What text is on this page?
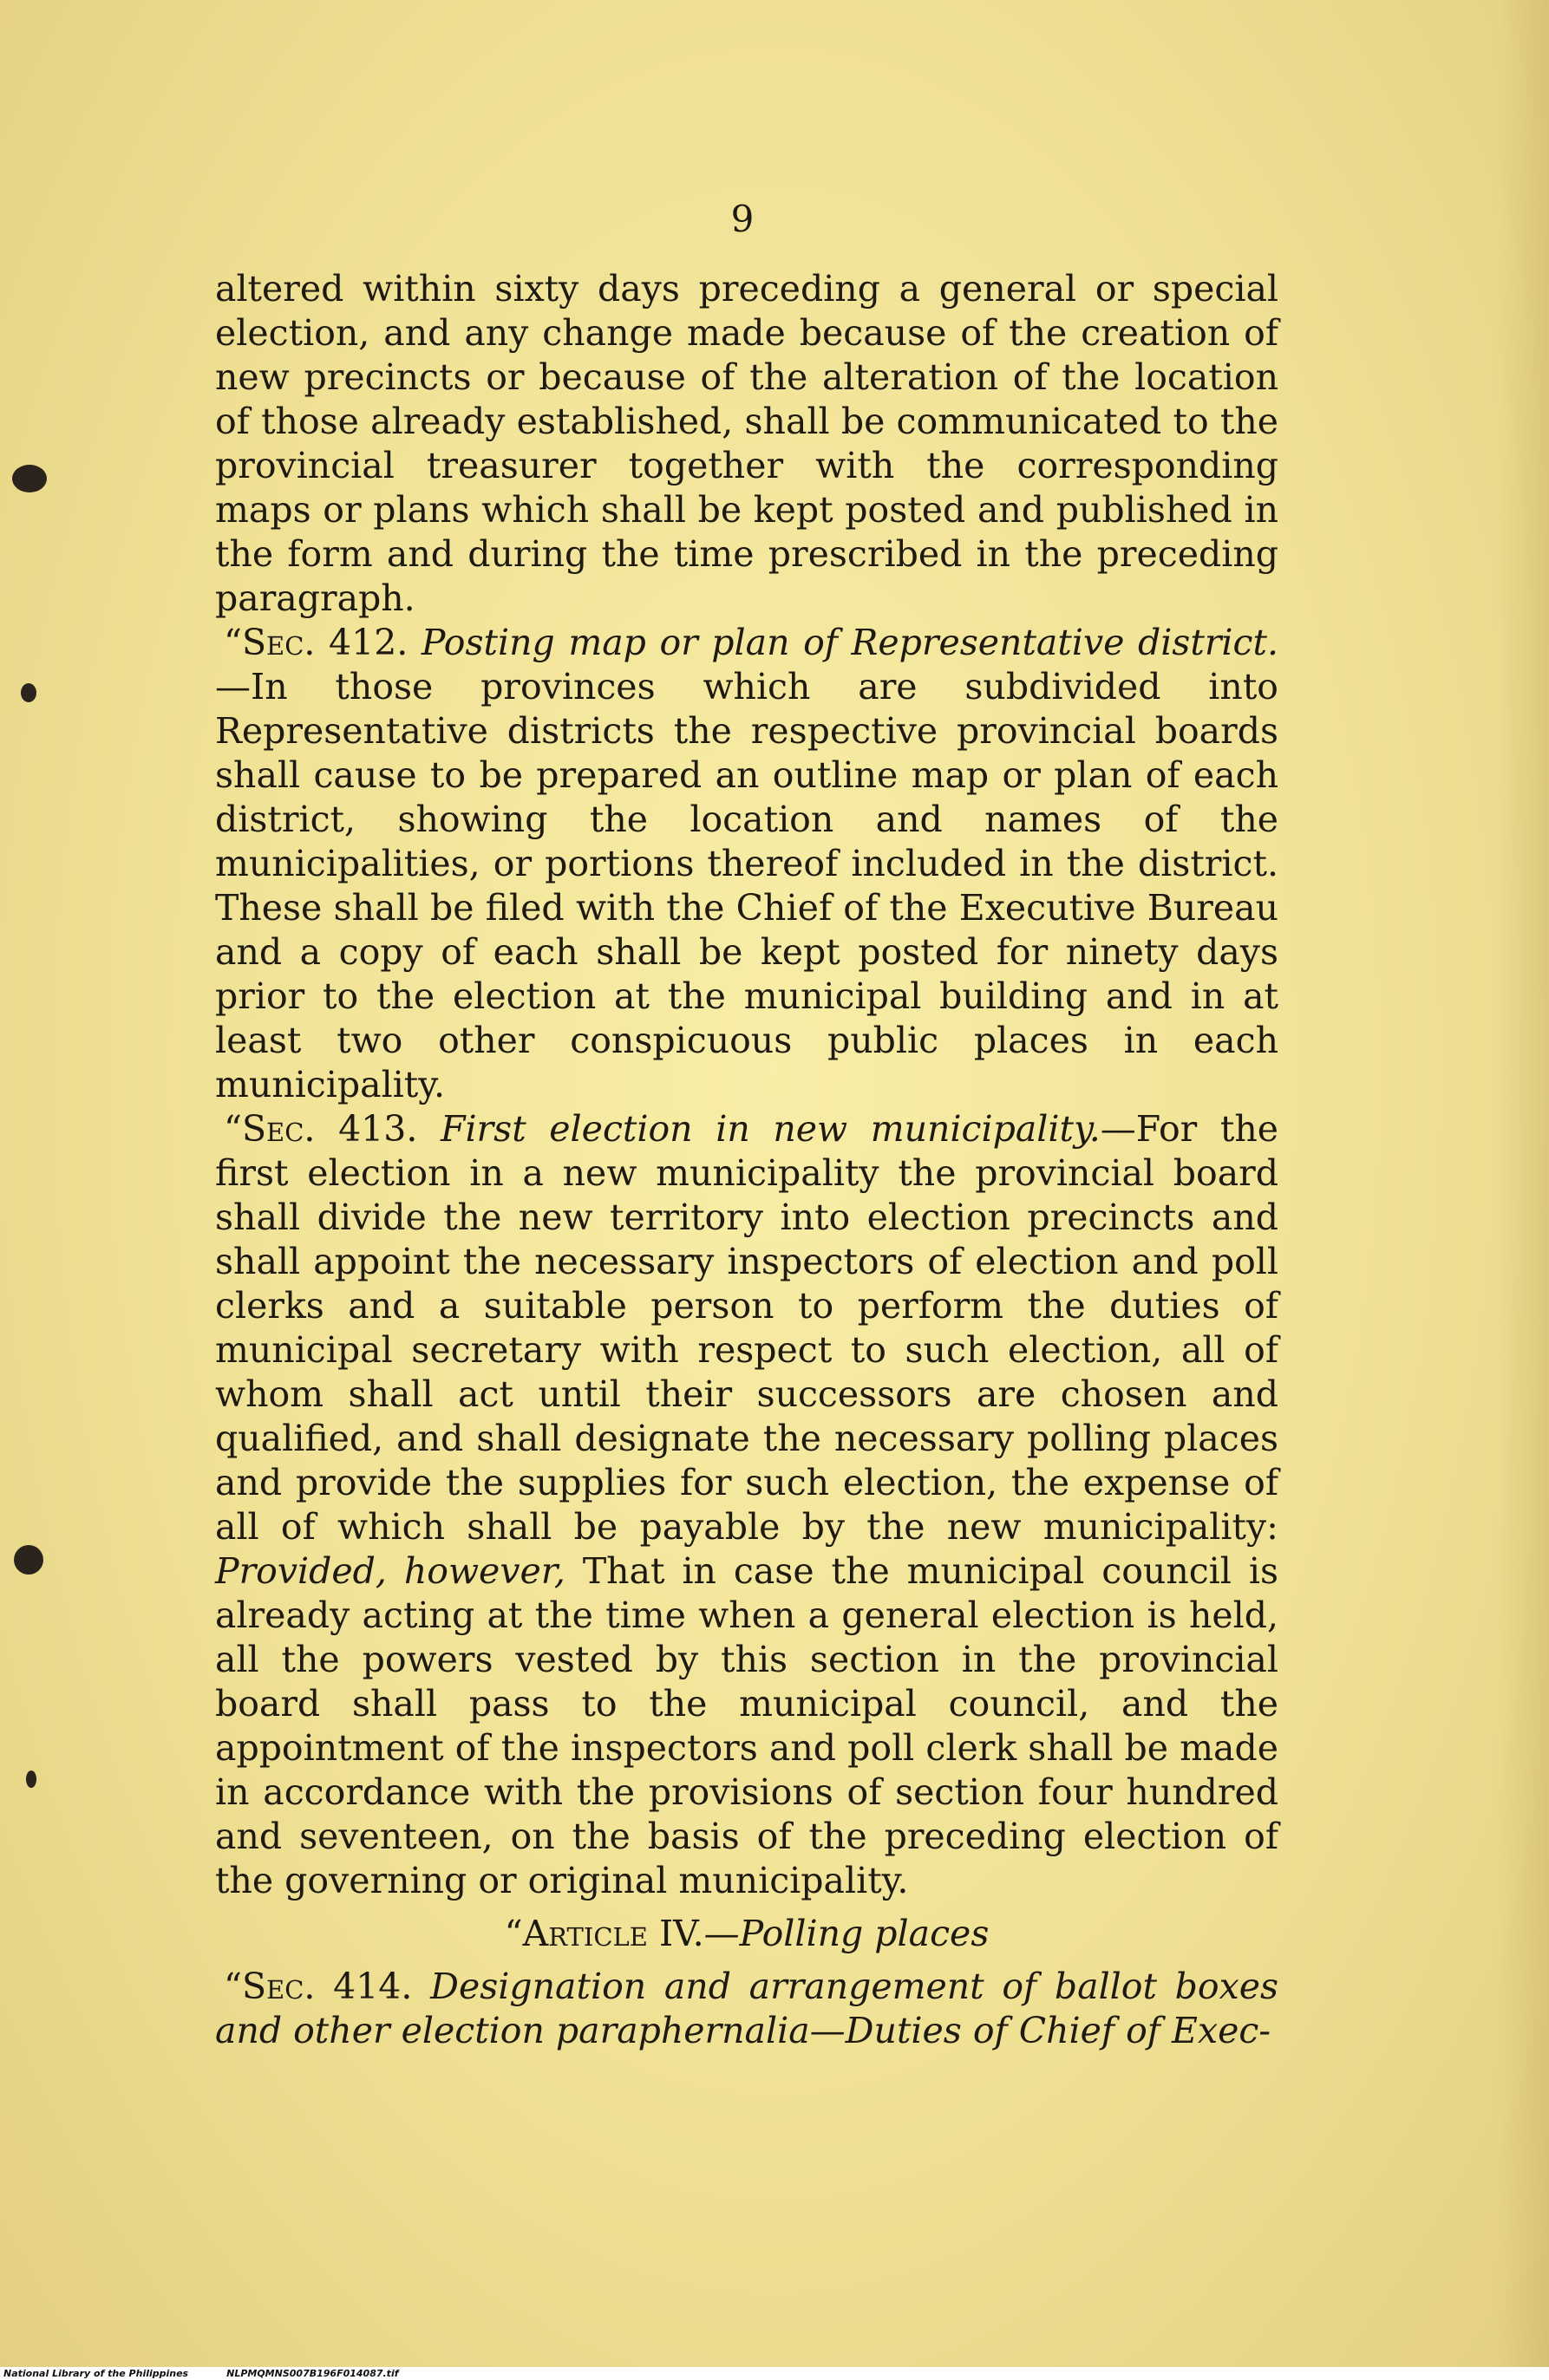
9

altered within sixty days preceding a general or special election, and any change made because of the creation of new precincts or because of the alteration of the location of those already established, shall be communicated to the provincial treasurer together with the corresponding maps or plans which shall be kept posted and published in the form and during the time prescribed in the preceding paragraph.

“Sec. 412. Posting map or plan of Representative district.—In those provinces which are subdivided into Representative districts the respective provincial boards shall cause to be prepared an outline map or plan of each district, showing the location and names of the municipalities, or portions thereof included in the district. These shall be filed with the Chief of the Executive Bureau and a copy of each shall be kept posted for ninety days prior to the election at the municipal building and in at least two other conspicuous public places in each municipality.

“Sec. 413. First election in new municipality.—For the first election in a new municipality the provincial board shall divide the new territory into election precincts and shall appoint the necessary inspectors of election and poll clerks and a suitable person to perform the duties of municipal secretary with respect to such election, all of whom shall act until their successors are chosen and qualified, and shall designate the necessary polling places and provide the supplies for such election, the expense of all of which shall be payable by the new municipality: Provided, however, That in case the municipal council is already acting at the time when a general election is held, all the powers vested by this section in the provincial board shall pass to the municipal council, and the appointment of the inspectors and poll clerk shall be made in accordance with the provisions of section four hundred and seventeen, on the basis of the preceding election of the governing or original municipality.

“Article IV.—Polling places

“Sec. 414. Designation and arrangement of ballot boxes and other election paraphernalia—Duties of Chief of Exec-

National Library of the Philippines	NLPMQMNS007B196F014087.tif
